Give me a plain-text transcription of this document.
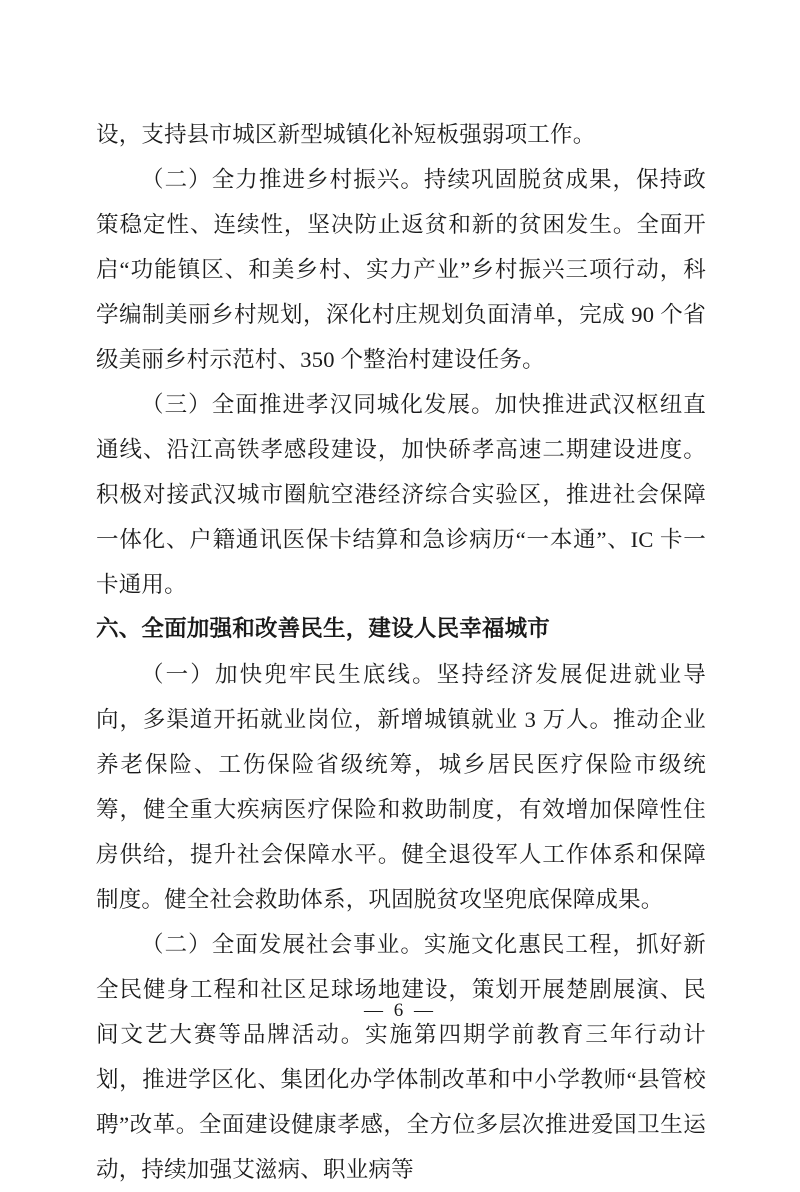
设，支持县市城区新型城镇化补短板强弱项工作。

（二）全力推进乡村振兴。持续巩固脱贫成果，保持政策稳定性、连续性，坚决防止返贫和新的贫困发生。全面开启“功能镇区、和美乡村、实力产业”乡村振兴三项行动，科学编制美丽乡村规划，深化村庄规划负面清单，完成 90 个省级美丽乡村示范村、350 个整治村建设任务。

（三）全面推进孝汉同城化发展。加快推进武汉枢纽直通线、沿江高铁孝感段建设，加快硚孝高速二期建设进度。积极对接武汉城市圈航空港经济综合实验区，推进社会保障一体化、户籍通讯医保卡结算和急诊病历“一本通”、IC 卡一卡通用。

六、全面加强和改善民生，建设人民幸福城市

（一）加快兜牢民生底线。坚持经济发展促进就业导向，多渠道开拓就业岗位，新增城镇就业 3 万人。推动企业养老保险、工伤保险省级统筹，城乡居民医疗保险市级统筹，健全重大疾病医疗保险和救助制度，有效增加保障性住房供给，提升社会保障水平。健全退役军人工作体系和保障制度。健全社会救助体系，巩固脱贫攻坚兜底保障成果。

（二）全面发展社会事业。实施文化惠民工程，抓好新全民健身工程和社区足球场地建设，策划开展楚剧展演、民间文艺大赛等品牌活动。实施第四期学前教育三年行动计划，推进学区化、集团化办学体制改革和中小学教师“县管校聘”改革。全面建设健康孝感，全方位多层次推进爱国卫生运动，持续加强艾滋病、职业病等

— 6 —
